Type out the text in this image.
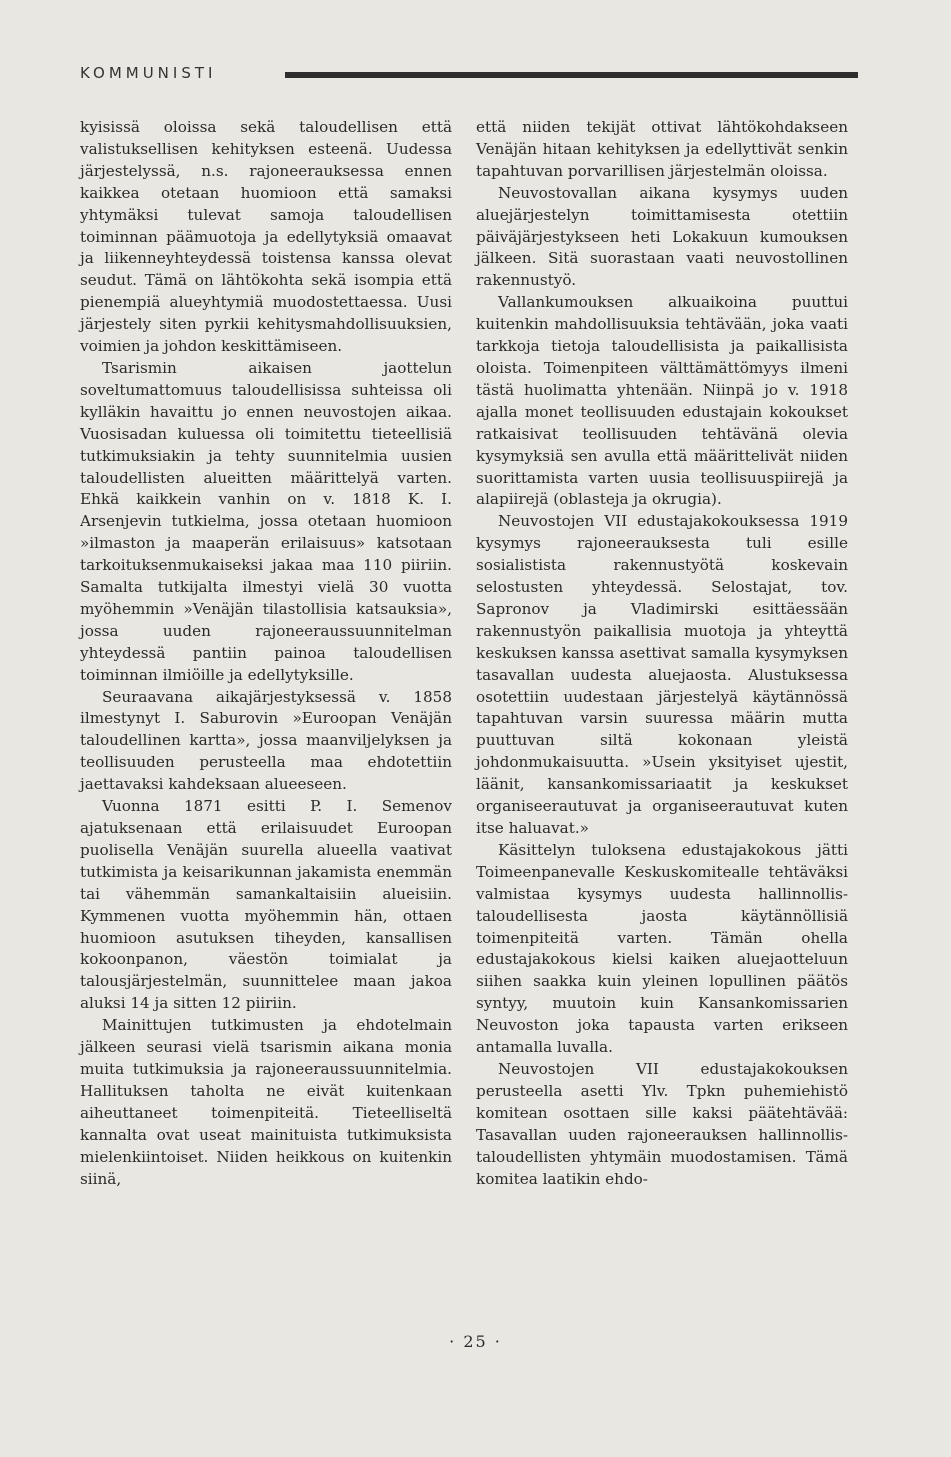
KOMMUNISTI

kyisissä oloissa sekä taloudellisen että valistuksellisen kehityksen esteenä. Uudessa järjestelyssä, n.s. rajoneerauksessa ennen kaikkea otetaan huomioon että samaksi yhtymäksi tulevat samoja taloudellisen toiminnan päämuotoja ja edellytyksiä omaavat ja liikenneyhteydessä toistensa kanssa olevat seudut. Tämä on lähtökohta sekä isompia että pienempiä alueyhtymiä muodostettaessa. Uusi järjestely siten pyrkii kehitysmahdollisuuksien, voimien ja johdon keskittämiseen.

Tsarismin aikaisen jaottelun soveltumattomuus taloudellisissa suhteissa oli kylläkin havaittu jo ennen neuvostojen aikaa. Vuosisadan kuluessa oli toimitettu tieteellisiä tutkimuksiakin ja tehty suunnitelmia uusien taloudellisten alueitten määrittelyä varten. Ehkä kaikkein vanhin on v. 1818 K. I. Arsenjevin tutkielma, jossa otetaan huomioon »ilmaston ja maaperän erilaisuus» katsotaan tarkoituksenmukaiseksi jakaa maa 110 piiriin. Samalta tutkijalta ilmestyi vielä 30 vuotta myöhemmin »Venäjän tilastollisia katsauksia», jossa uuden rajoneeraussuunnitelman yhteydessä pantiin painoa taloudellisen toiminnan ilmiöille ja edellytyksille.

Seuraavana aikajärjestyksessä v. 1858 ilmestynyt I. Saburovin »Euroopan Venäjän taloudellinen kartta», jossa maanviljelyksen ja teollisuuden perusteella maa ehdotettiin jaettavaksi kahdeksaan alueeseen.

Vuonna 1871 esitti P. I. Semenov ajatuksenaan että erilaisuudet Euroopan puolisella Venäjän suurella alueella vaativat tutkimista ja keisarikunnan jakamista enemmän tai vähemmän samankaltaisiin alueisiin. Kymmenen vuotta myöhemmin hän, ottaen huomioon asutuksen tiheyden, kansallisen kokoonpanon, väestön toimialat ja talousjärjestelmän, suunnittelee maan jakoa aluksi 14 ja sitten 12 piiriin.

Mainittujen tutkimusten ja ehdotelmain jälkeen seurasi vielä tsarismin aikana monia muita tutkimuksia ja rajoneeraussuunnitelmia. Hallituksen taholta ne eivät kuitenkaan aiheuttaneet toimenpiteitä. Tieteelliseltä kannalta ovat useat mainituista tutkimuksista mielenkiintoiset. Niiden heikkous on kuitenkin siinä,

että niiden tekijät ottivat lähtökohdakseen Venäjän hitaan kehityksen ja edellyttivät senkin tapahtuvan porvarillisen järjestelmän oloissa.

Neuvostovallan aikana kysymys uuden aluejärjestelyn toimittamisesta otettiin päiväjärjestykseen heti Lokakuun kumouksen jälkeen. Sitä suorastaan vaati neuvostollinen rakennustyö.

Vallankumouksen alkuaikoina puuttui kuitenkin mahdollisuuksia tehtävään, joka vaati tarkkoja tietoja taloudellisista ja paikallisista oloista. Toimenpiteen välttämättömyys ilmeni tästä huolimatta yhtenään. Niinpä jo v. 1918 ajalla monet teollisuuden edustajain kokoukset ratkaisivat teollisuuden tehtävänä olevia kysymyksiä sen avulla että määrittelivät niiden suorittamista varten uusia teollisuuspiirejä ja alapiirejä (oblasteja ja okrugia).

Neuvostojen VII edustajakokouksessa 1919 kysymys rajoneerauksesta tuli esille sosialistista rakennustyötä koskevain selostusten yhteydessä. Selostajat, tov. Sapronov ja Vladimirski esittäessään rakennustyön paikallisia muotoja ja yhteyttä keskuksen kanssa asettivat samalla kysymyksen tasavallan uudesta aluejaosta. Alustuksessa osotettiin uudestaan järjestelyä käytännössä tapahtuvan varsin suuressa määrin mutta puuttuvan siltä kokonaan yleistä johdonmukaisuutta. »Usein yksityiset ujestit, läänit, kansankomissariaatit ja keskukset organiseerautuvat ja organiseerautuvat kuten itse haluavat.»

Käsittelyn tuloksena edustajakokous jätti Toimeenpanevalle Keskuskomitealle tehtäväksi valmistaa kysymys uudesta hallinnollis-taloudellisesta jaosta käytännöllisiä toimenpiteitä varten. Tämän ohella edustajakokous kielsi kaiken aluejaotteluun siihen saakka kuin yleinen lopullinen päätös syntyy, muutoin kuin Kansankomissarien Neuvoston joka tapausta varten erikseen antamalla luvalla.

Neuvostojen VII edustajakokouksen perusteella asetti Ylv. Tpkn puhemiehistö komitean osottaen sille kaksi päätehtävää: Tasavallan uuden rajoneerauksen hallinnollis-taloudellisten yhtymäin muodostamisen. Tämä komitea laatikin ehdo-

· 25 ·
